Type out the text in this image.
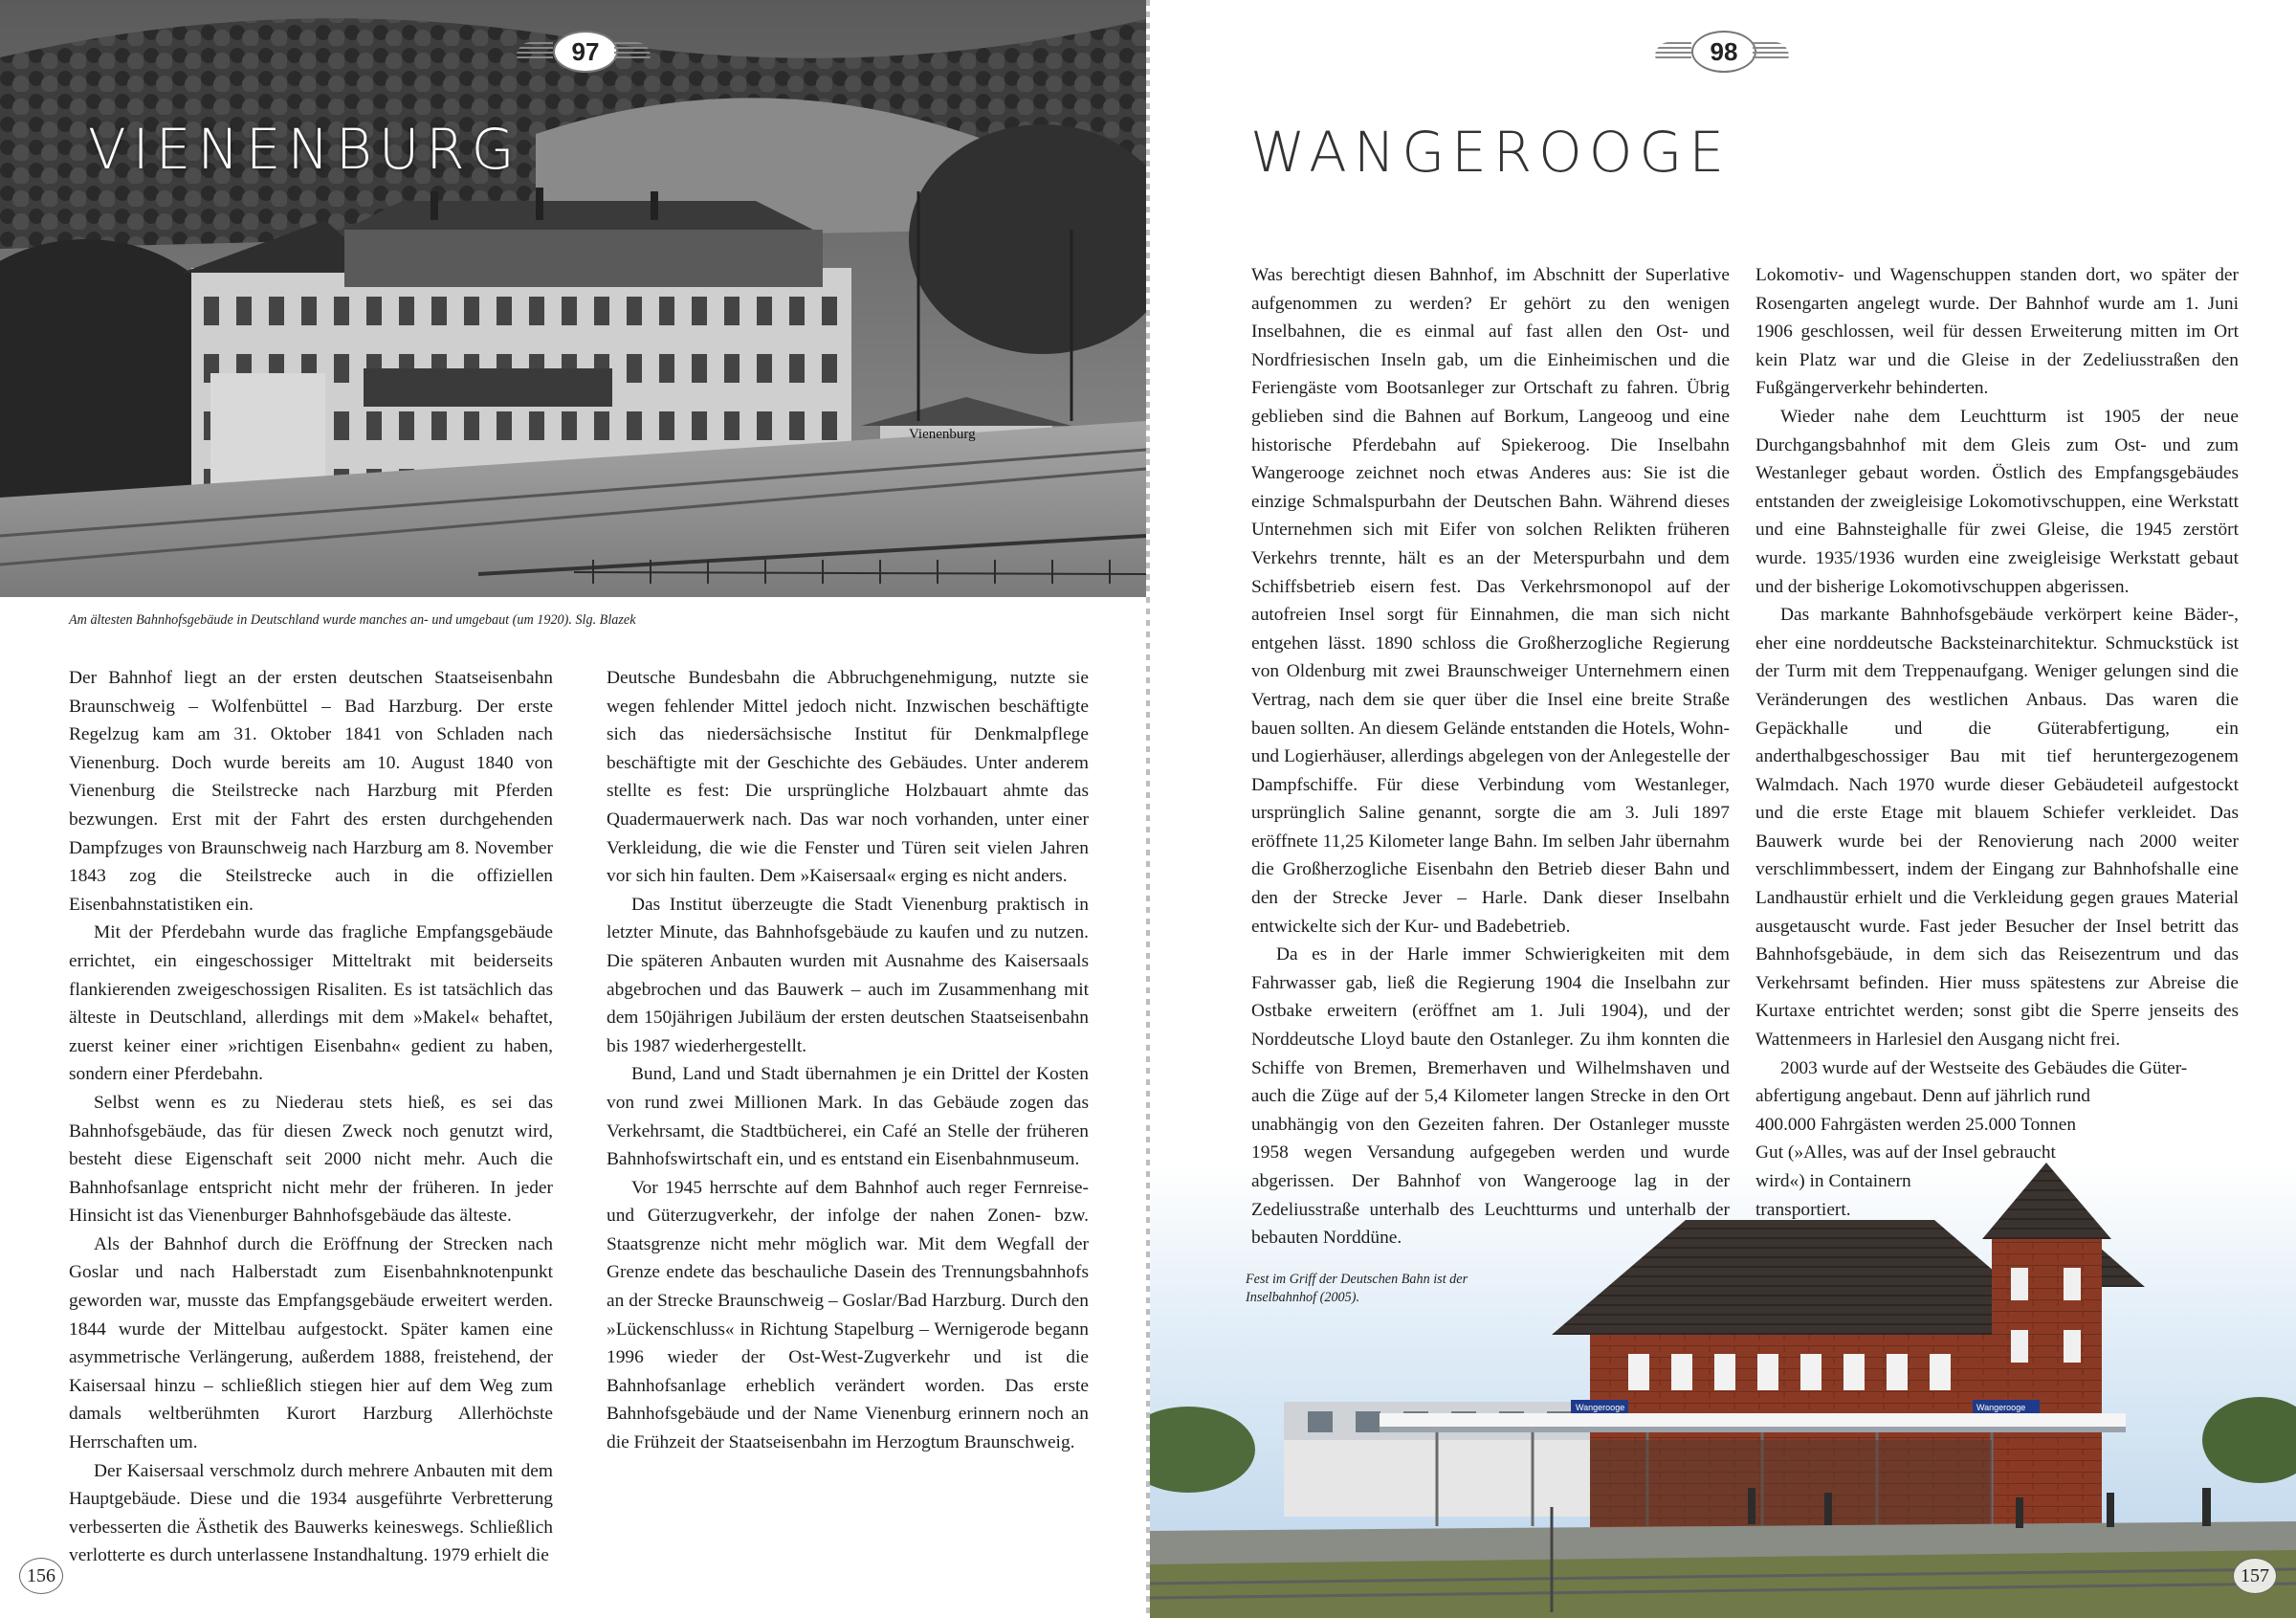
Vienenburg
VIENENBURG
97
Am ältesten Bahnhofsgebäude in Deutschland wurde manches an- und umgebaut (um 1920). Slg. Blazek

Der Bahnhof liegt an der ersten deutschen Staatseisenbahn Braunschweig – Wolfenbüttel – Bad Harzburg. Der erste Regelzug kam am 31. Oktober 1841 von Schladen nach Vienenburg. Doch wurde bereits am 10. August 1840 von Vienenburg die Steilstrecke nach Harzburg mit Pferden bezwungen. Erst mit der Fahrt des ersten durchgehenden Dampfzuges von Braunschweig nach Harzburg am 8. November 1843 zog die Steilstrecke auch in die offiziellen Eisenbahnstatistiken ein.

Mit der Pferdebahn wurde das fragliche Empfangsgebäude errichtet, ein eingeschossiger Mitteltrakt mit beiderseits flankierenden zweigeschossigen Risaliten. Es ist tatsächlich das älteste in Deutschland, allerdings mit dem »Makel« behaftet, zuerst keiner einer »richtigen Eisenbahn« gedient zu haben, sondern einer Pferdebahn.

Selbst wenn es zu Niederau stets hieß, es sei das Bahnhofsgebäude, das für diesen Zweck noch genutzt wird, besteht diese Eigenschaft seit 2000 nicht mehr. Auch die Bahnhofsanlage entspricht nicht mehr der früheren. In jeder Hinsicht ist das Vienenburger Bahnhofsgebäude das älteste.

Als der Bahnhof durch die Eröffnung der Strecken nach Goslar und nach Halberstadt zum Eisenbahnknotenpunkt geworden war, musste das Empfangsgebäude erweitert werden. 1844 wurde der Mittelbau aufgestockt. Später kamen eine asymmetrische Verlängerung, außerdem 1888, freistehend, der Kaisersaal hinzu – schließlich stiegen hier auf dem Weg zum damals weltberühmten Kurort Harzburg Allerhöchste Herrschaften um.

Der Kaisersaal verschmolz durch mehrere Anbauten mit dem Hauptgebäude. Diese und die 1934 ausgeführte Verbretterung verbesserten die Ästhetik des Bauwerks keineswegs. Schließlich verlotterte es durch unterlassene Instandhaltung. 1979 erhielt die

Deutsche Bundesbahn die Abbruchgenehmigung, nutzte sie wegen fehlender Mittel jedoch nicht. Inzwischen beschäftigte sich das niedersächsische Institut für Denkmalpflege beschäftigte mit der Geschichte des Gebäudes. Unter anderem stellte es fest: Die ursprüngliche Holzbauart ahmte das Quadermauerwerk nach. Das war noch vorhanden, unter einer Verkleidung, die wie die Fenster und Türen seit vielen Jahren vor sich hin faulten. Dem »Kaisersaal« erging es nicht anders.

Das Institut überzeugte die Stadt Vienenburg praktisch in letzter Minute, das Bahnhofsgebäude zu kaufen und zu nutzen. Die späteren Anbauten wurden mit Ausnahme des Kaisersaals abgebrochen und das Bauwerk – auch im Zusammenhang mit dem 150jährigen Jubiläum der ersten deutschen Staatseisenbahn bis 1987 wiederhergestellt.

Bund, Land und Stadt übernahmen je ein Drittel der Kosten von rund zwei Millionen Mark. In das Gebäude zogen das Verkehrsamt, die Stadtbücherei, ein Café an Stelle der früheren Bahnhofswirtschaft ein, und es entstand ein Eisenbahnmuseum.

Vor 1945 herrschte auf dem Bahnhof auch reger Fernreise- und Güterzugverkehr, der infolge der nahen Zonen- bzw. Staatsgrenze nicht mehr möglich war. Mit dem Wegfall der Grenze endete das beschauliche Dasein des Trennungsbahnhofs an der Strecke Braunschweig – Goslar/Bad Harzburg. Durch den »Lückenschluss« in Richtung Stapelburg – Wernigerode begann 1996 wieder der Ost-West-Zugverkehr und ist die Bahnhofsanlage erheblich verändert worden. Das erste Bahnhofsgebäude und der Name Vienenburg erinnern noch an die Frühzeit der Staatseisenbahn im Herzogtum Braunschweig.

156
98
WANGEROOGE
Wangerooge	Wangerooge

Was berechtigt diesen Bahnhof, im Abschnitt der Superlative aufgenommen zu werden? Er gehört zu den wenigen Inselbahnen, die es einmal auf fast allen den Ost- und Nordfriesischen Inseln gab, um die Einheimischen und die Feriengäste vom Bootsanleger zur Ortschaft zu fahren. Übrig geblieben sind die Bahnen auf Borkum, Langeoog und eine historische Pferdebahn auf Spiekeroog. Die Inselbahn Wangerooge zeichnet noch etwas Anderes aus: Sie ist die einzige Schmalspurbahn der Deutschen Bahn. Während dieses Unternehmen sich mit Eifer von solchen Relikten früheren Verkehrs trennte, hält es an der Meterspurbahn und dem Schiffsbetrieb eisern fest. Das Verkehrsmonopol auf der autofreien Insel sorgt für Einnahmen, die man sich nicht entgehen lässt. 1890 schloss die Großherzogliche Regierung von Oldenburg mit zwei Braunschweiger Unternehmern einen Vertrag, nach dem sie quer über die Insel eine breite Straße bauen sollten. An diesem Gelände entstanden die Hotels, Wohn- und Logierhäuser, allerdings abgelegen von der Anlegestelle der Dampfschiffe. Für diese Verbindung vom Westanleger, ursprünglich Saline genannt, sorgte die am 3. Juli 1897 eröffnete 11,25 Kilometer lange Bahn. Im selben Jahr übernahm die Großherzogliche Eisenbahn den Betrieb dieser Bahn und den der Strecke Jever – Harle. Dank dieser Inselbahn entwickelte sich der Kur- und Badebetrieb.

Da es in der Harle immer Schwierigkeiten mit dem Fahrwasser gab, ließ die Regierung 1904 die Inselbahn zur Ostbake erweitern (eröffnet am 1. Juli 1904), und der Norddeutsche Lloyd baute den Ostanleger. Zu ihm konnten die Schiffe von Bremen, Bremerhaven und Wilhelmshaven und auch die Züge auf der 5,4 Kilometer langen Strecke in den Ort unabhängig von den Gezeiten fahren. Der Ostanleger musste 1958 wegen Versandung aufgegeben werden und wurde abgerissen. Der Bahnhof von Wangerooge lag in der Zedeliusstraße unterhalb des Leuchtturms und unterhalb der bebauten Norddüne.

Lokomotiv- und Wagenschuppen standen dort, wo später der Rosengarten angelegt wurde. Der Bahnhof wurde am 1. Juni 1906 geschlossen, weil für dessen Erweiterung mitten im Ort kein Platz war und die Gleise in der Zedeliusstraßen den Fußgängerverkehr behinderten.

Wieder nahe dem Leuchtturm ist 1905 der neue Durchgangsbahnhof mit dem Gleis zum Ost- und zum Westanleger gebaut worden. Östlich des Empfangsgebäudes entstanden der zweigleisige Lokomotivschuppen, eine Werkstatt und eine Bahnsteighalle für zwei Gleise, die 1945 zerstört wurde. 1935/1936 wurden eine zweigleisige Werkstatt gebaut und der bisherige Lokomotivschuppen abgerissen.

Das markante Bahnhofsgebäude verkörpert keine Bäder-, eher eine norddeutsche Backsteinarchitektur. Schmuckstück ist der Turm mit dem Treppenaufgang. Weniger gelungen sind die Veränderungen des westlichen Anbaus. Das waren die Gepäckhalle und die Güterabfertigung, ein anderthalbgeschossiger Bau mit tief heruntergezogenem Walmdach. Nach 1970 wurde dieser Gebäudeteil aufgestockt und die erste Etage mit blauem Schiefer verkleidet. Das Bauwerk wurde bei der Renovierung nach 2000 weiter verschlimmbessert, indem der Eingang zur Bahnhofshalle eine Landhaustür erhielt und die Verkleidung gegen graues Material ausgetauscht wurde. Fast jeder Besucher der Insel betritt das Bahnhofsgebäude, in dem sich das Reisezentrum und das Verkehrsamt befinden. Hier muss spätestens zur Abreise die Kurtaxe entrichtet werden; sonst gibt die Sperre jenseits des Wattenmeers in Harlesiel den Ausgang nicht frei.

2003 wurde auf der Westseite des Gebäudes die Güter-
abfertigung angebaut. Denn auf jährlich rund
400.000 Fahrgästen werden 25.000 Tonnen
Gut (»Alles, was auf der Insel gebraucht
wird«) in Containern
transportiert.
Fest im Griff der Deutschen Bahn ist der Inselbahnhof (2005).
157
